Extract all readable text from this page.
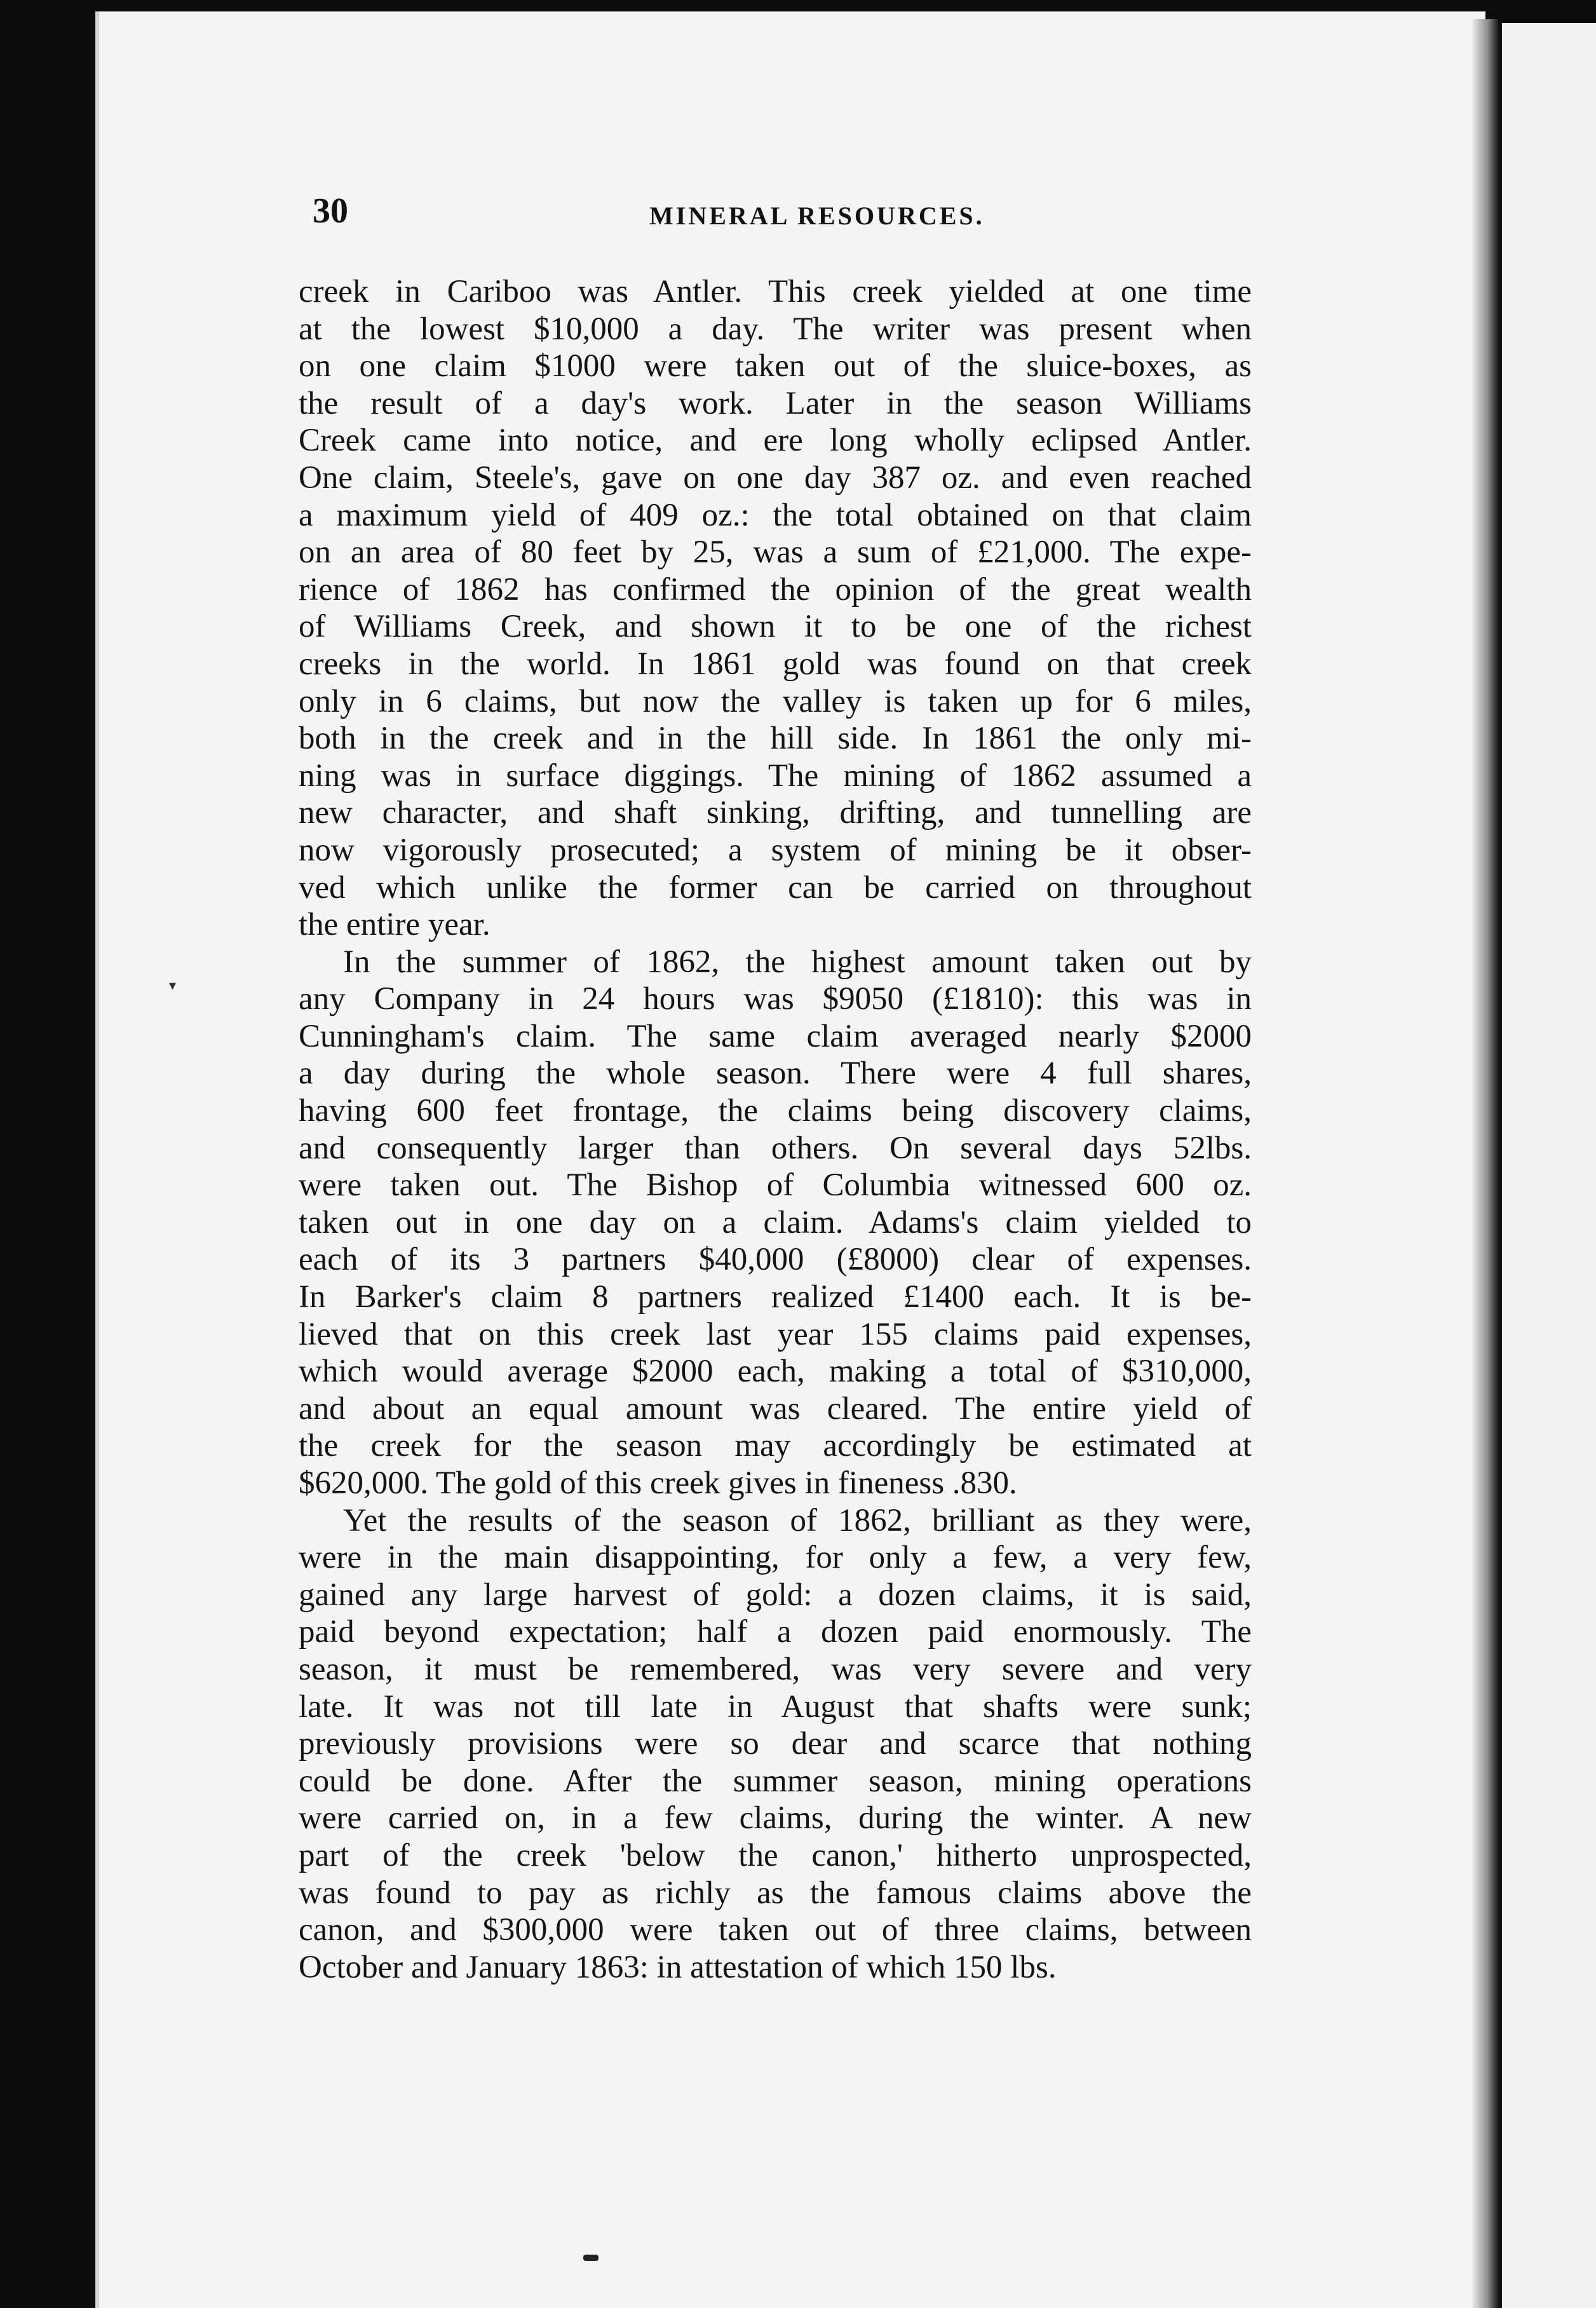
30	MINERAL RESOURCES.
creek in Cariboo was Antler. This creek yielded at one time
at the lowest $10,000 a day. The writer was present when
on one claim $1000 were taken out of the sluice-boxes, as
the result of a day's work. Later in the season Williams
Creek came into notice, and ere long wholly eclipsed Antler.
One claim, Steele's, gave on one day 387 oz. and even reached
a maximum yield of 409 oz.: the total obtained on that claim
on an area of 80 feet by 25, was a sum of £21,000. The expe-
rience of 1862 has confirmed the opinion of the great wealth
of Williams Creek, and shown it to be one of the richest
creeks in the world. In 1861 gold was found on that creek
only in 6 claims, but now the valley is taken up for 6 miles,
both in the creek and in the hill side. In 1861 the only mi-
ning was in surface diggings. The mining of 1862 assumed a
new character, and shaft sinking, drifting, and tunnelling are
now vigorously prosecuted; a system of mining be it obser-
ved which unlike the former can be carried on throughout
the entire year.
In the summer of 1862, the highest amount taken out by
any Company in 24 hours was $9050 (£1810): this was in
Cunningham's claim. The same claim averaged nearly $2000
a day during the whole season. There were 4 full shares,
having 600 feet frontage, the claims being discovery claims,
and consequently larger than others. On several days 52lbs.
were taken out. The Bishop of Columbia witnessed 600 oz.
taken out in one day on a claim. Adams's claim yielded to
each of its 3 partners $40,000 (£8000) clear of expenses.
In Barker's claim 8 partners realized £1400 each. It is be-
lieved that on this creek last year 155 claims paid expenses,
which would average $2000 each, making a total of $310,000,
and about an equal amount was cleared. The entire yield of
the creek for the season may accordingly be estimated at
$620,000. The gold of this creek gives in fineness .830.
Yet the results of the season of 1862, brilliant as they were,
were in the main disappointing, for only a few, a very few,
gained any large harvest of gold: a dozen claims, it is said,
paid beyond expectation; half a dozen paid enormously. The
season, it must be remembered, was very severe and very
late. It was not till late in August that shafts were sunk;
previously provisions were so dear and scarce that nothing
could be done. After the summer season, mining operations
were carried on, in a few claims, during the winter. A new
part of the creek 'below the canon,' hitherto unprospected,
was found to pay as richly as the famous claims above the
canon, and $300,000 were taken out of three claims, between
October and January 1863: in attestation of which 150 lbs.
▾
